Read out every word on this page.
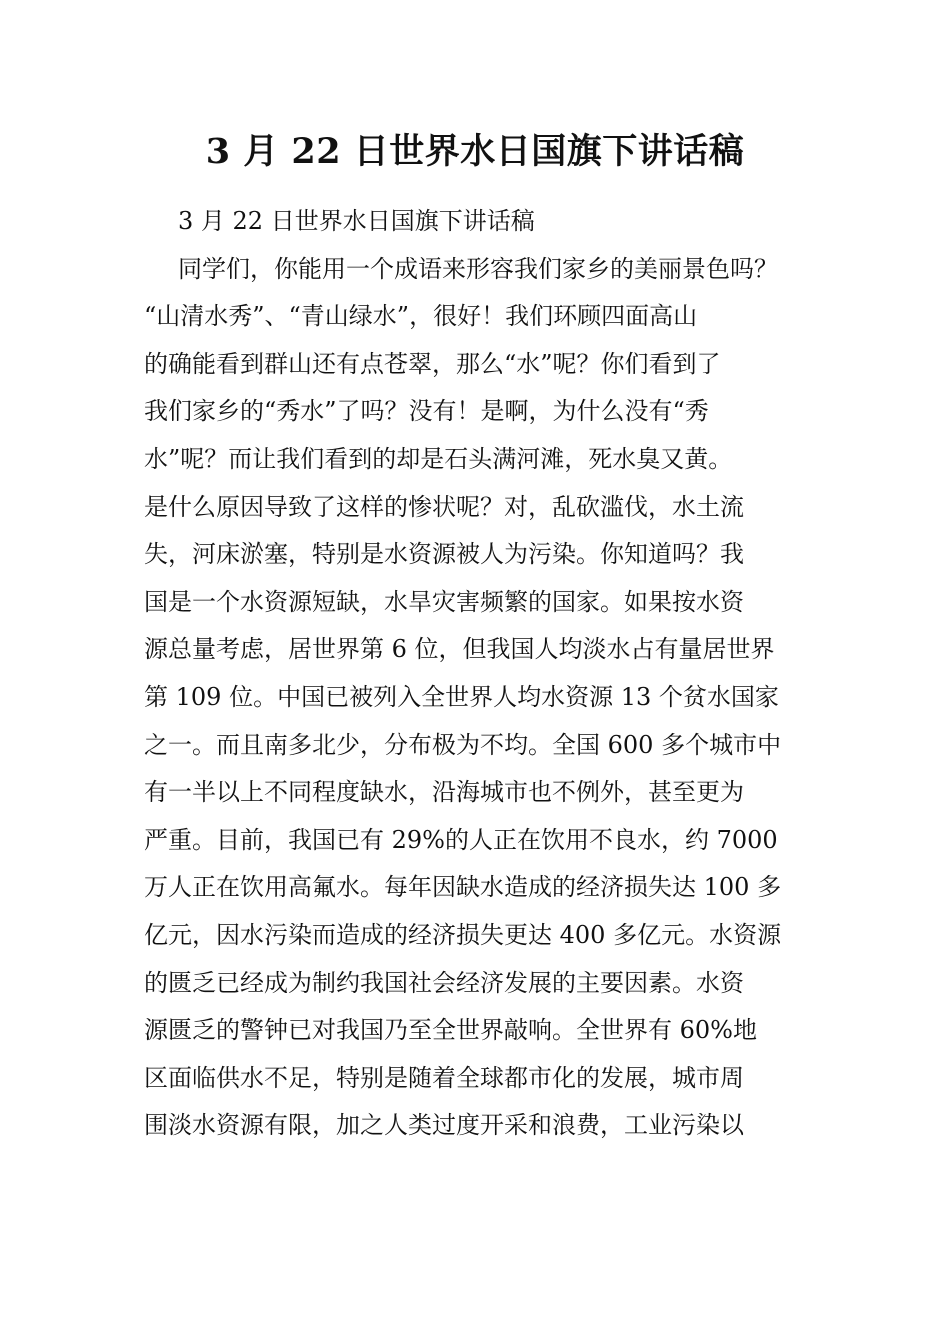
3 月 22 日世界水日国旗下讲话稿
3 月 22 日世界水日国旗下讲话稿
同学们，你能用一个成语来形容我们家乡的美丽景色吗？
“山清水秀”、“青山绿水”，很好！我们环顾四面高山
的确能看到群山还有点苍翠，那么“水”呢？你们看到了
我们家乡的“秀水”了吗？没有！是啊，为什么没有“秀
水”呢？而让我们看到的却是石头满河滩，死水臭又黄。
是什么原因导致了这样的惨状呢？对，乱砍滥伐，水土流
失，河床淤塞，特别是水资源被人为污染。你知道吗？我
国是一个水资源短缺，水旱灾害频繁的国家。如果按水资
源总量考虑，居世界第 6 位，但我国人均淡水占有量居世界
第 109 位。中国已被列入全世界人均水资源 13 个贫水国家
之一。而且南多北少，分布极为不均。全国 600 多个城市中
有一半以上不同程度缺水，沿海城市也不例外，甚至更为
严重。目前，我国已有 29%的人正在饮用不良水，约 7000
万人正在饮用高氟水。每年因缺水造成的经济损失达 100 多
亿元，因水污染而造成的经济损失更达 400 多亿元。水资源
的匮乏已经成为制约我国社会经济发展的主要因素。水资
源匮乏的警钟已对我国乃至全世界敲响。全世界有 60%地
区面临供水不足，特别是随着全球都市化的发展，城市周
围淡水资源有限，加之人类过度开采和浪费，工业污染以
